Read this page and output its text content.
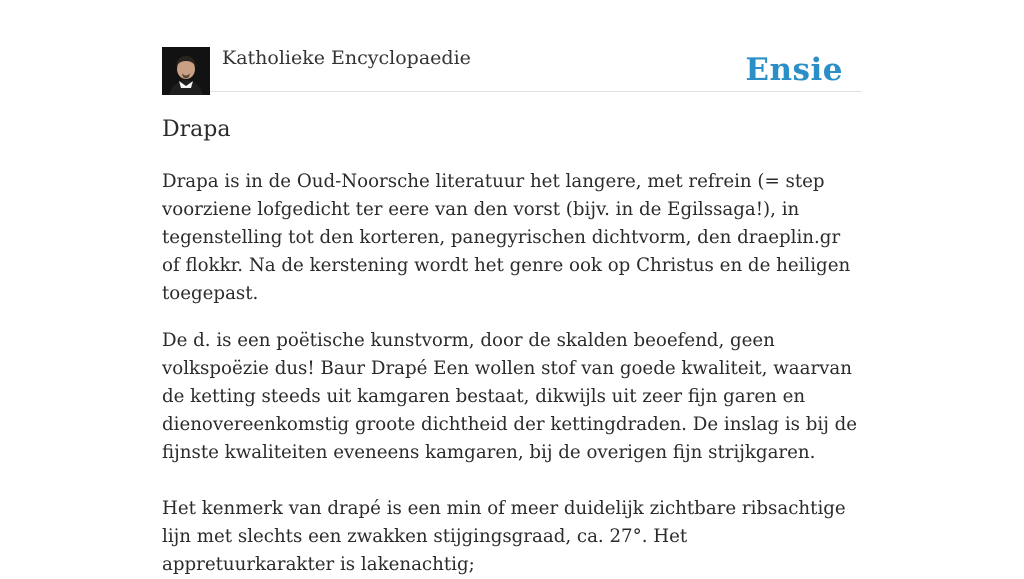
Katholieke Encyclopaedie	Ensie
Drapa

Drapa is in de Oud-Noorsche literatuur het langere, met refrein (= step voorziene lofgedicht ter eere van den vorst (bijv. in de Egilssaga!), in tegenstelling tot den korteren, panegyrischen dichtvorm, den draeplin.gr of flokkr. Na de kerstening wordt het genre ook op Christus en de heiligen toegepast.

De d. is een poëtische kunstvorm, door de skalden beoefend, geen volkspoëzie dus! Baur Drapé Een wollen stof van goede kwaliteit, waarvan de ketting steeds uit kamgaren bestaat, dikwijls uit zeer fijn garen en dienovereenkomstig groote dichtheid der kettingdraden. De inslag is bij de fijnste kwaliteiten eveneens kamgaren, bij de overigen fijn strijkgaren.

Het kenmerk van drapé is een min of meer duidelijk zichtbare ribsachtige lijn met slechts een zwakken stijgingsgraad, ca. 27°. Het appretuurkarakter is lakenachtig;
